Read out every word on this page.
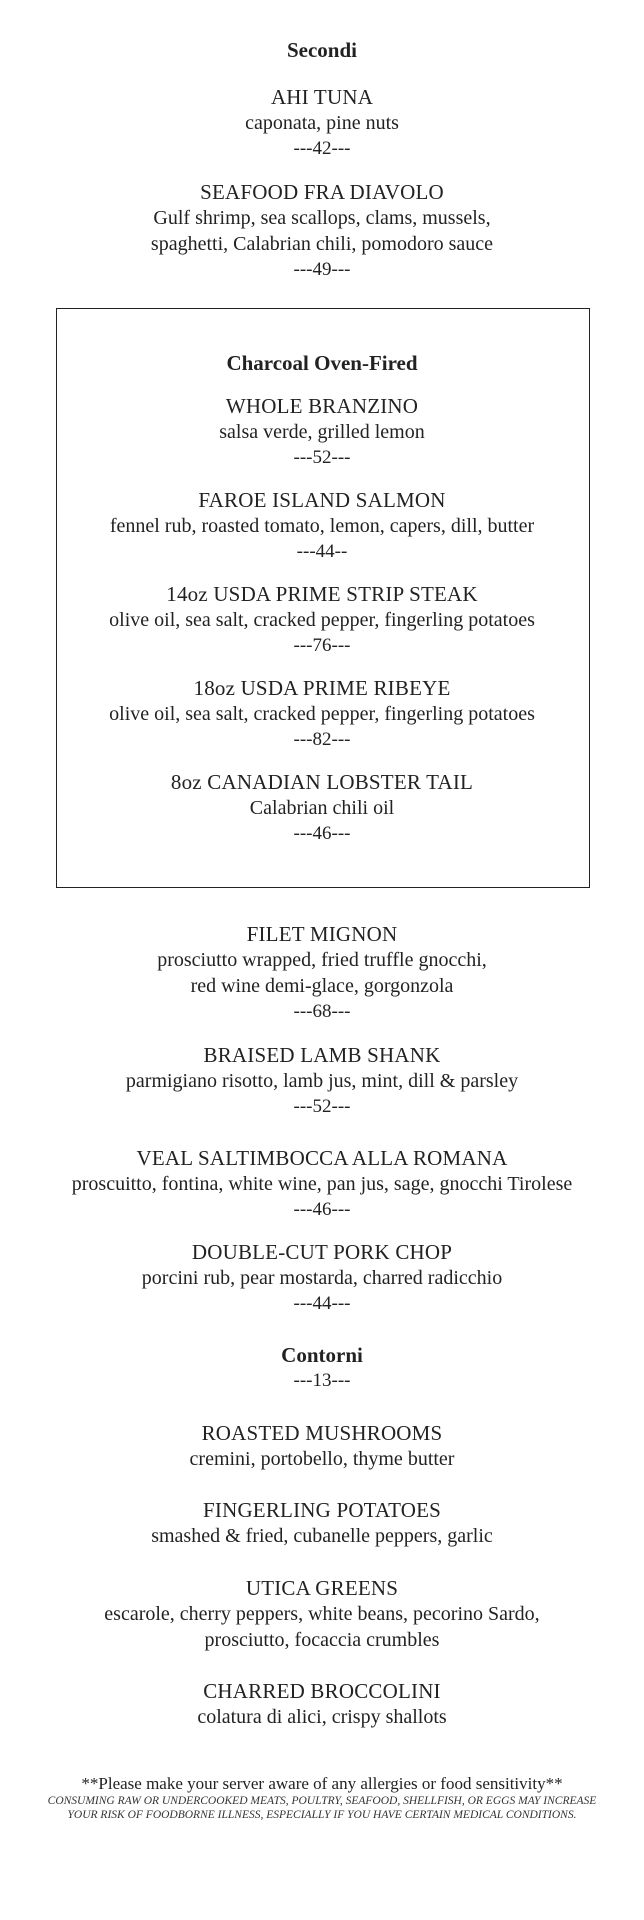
Secondi
AHI TUNA
caponata, pine nuts
---42---
SEAFOOD FRA DIAVOLO
Gulf shrimp, sea scallops, clams, mussels,
spaghetti, Calabrian chili, pomodoro sauce
---49---
Charcoal Oven-Fired
WHOLE BRANZINO
salsa verde, grilled lemon
---52---
FAROE ISLAND SALMON
fennel rub, roasted tomato, lemon, capers, dill, butter
---44--
14oz USDA PRIME STRIP STEAK
olive oil, sea salt, cracked pepper, fingerling potatoes
---76---
18oz USDA PRIME RIBEYE
olive oil, sea salt, cracked pepper, fingerling potatoes
---82---
8oz CANADIAN LOBSTER TAIL
Calabrian chili oil
---46---
FILET MIGNON
prosciutto wrapped, fried truffle gnocchi,
red wine demi-glace, gorgonzola
---68---
BRAISED LAMB SHANK
parmigiano risotto, lamb jus, mint, dill & parsley
---52---
VEAL SALTIMBOCCA ALLA ROMANA
proscuitto, fontina, white wine, pan jus, sage, gnocchi Tirolese
---46---
DOUBLE-CUT PORK CHOP
porcini rub, pear mostarda, charred radicchio
---44---
Contorni
---13---
ROASTED MUSHROOMS
cremini, portobello, thyme butter
FINGERLING POTATOES
smashed & fried, cubanelle peppers, garlic
UTICA GREENS
escarole, cherry peppers, white beans, pecorino Sardo,
prosciutto, focaccia crumbles
CHARRED BROCCOLINI
colatura di alici, crispy shallots
**Please make your server aware of any allergies or food sensitivity**
CONSUMING RAW OR UNDERCOOKED MEATS, POULTRY, SEAFOOD, SHELLFISH, OR EGGS MAY INCREASE YOUR RISK OF FOODBORNE ILLNESS, ESPECIALLY IF YOU HAVE CERTAIN MEDICAL CONDITIONS.
